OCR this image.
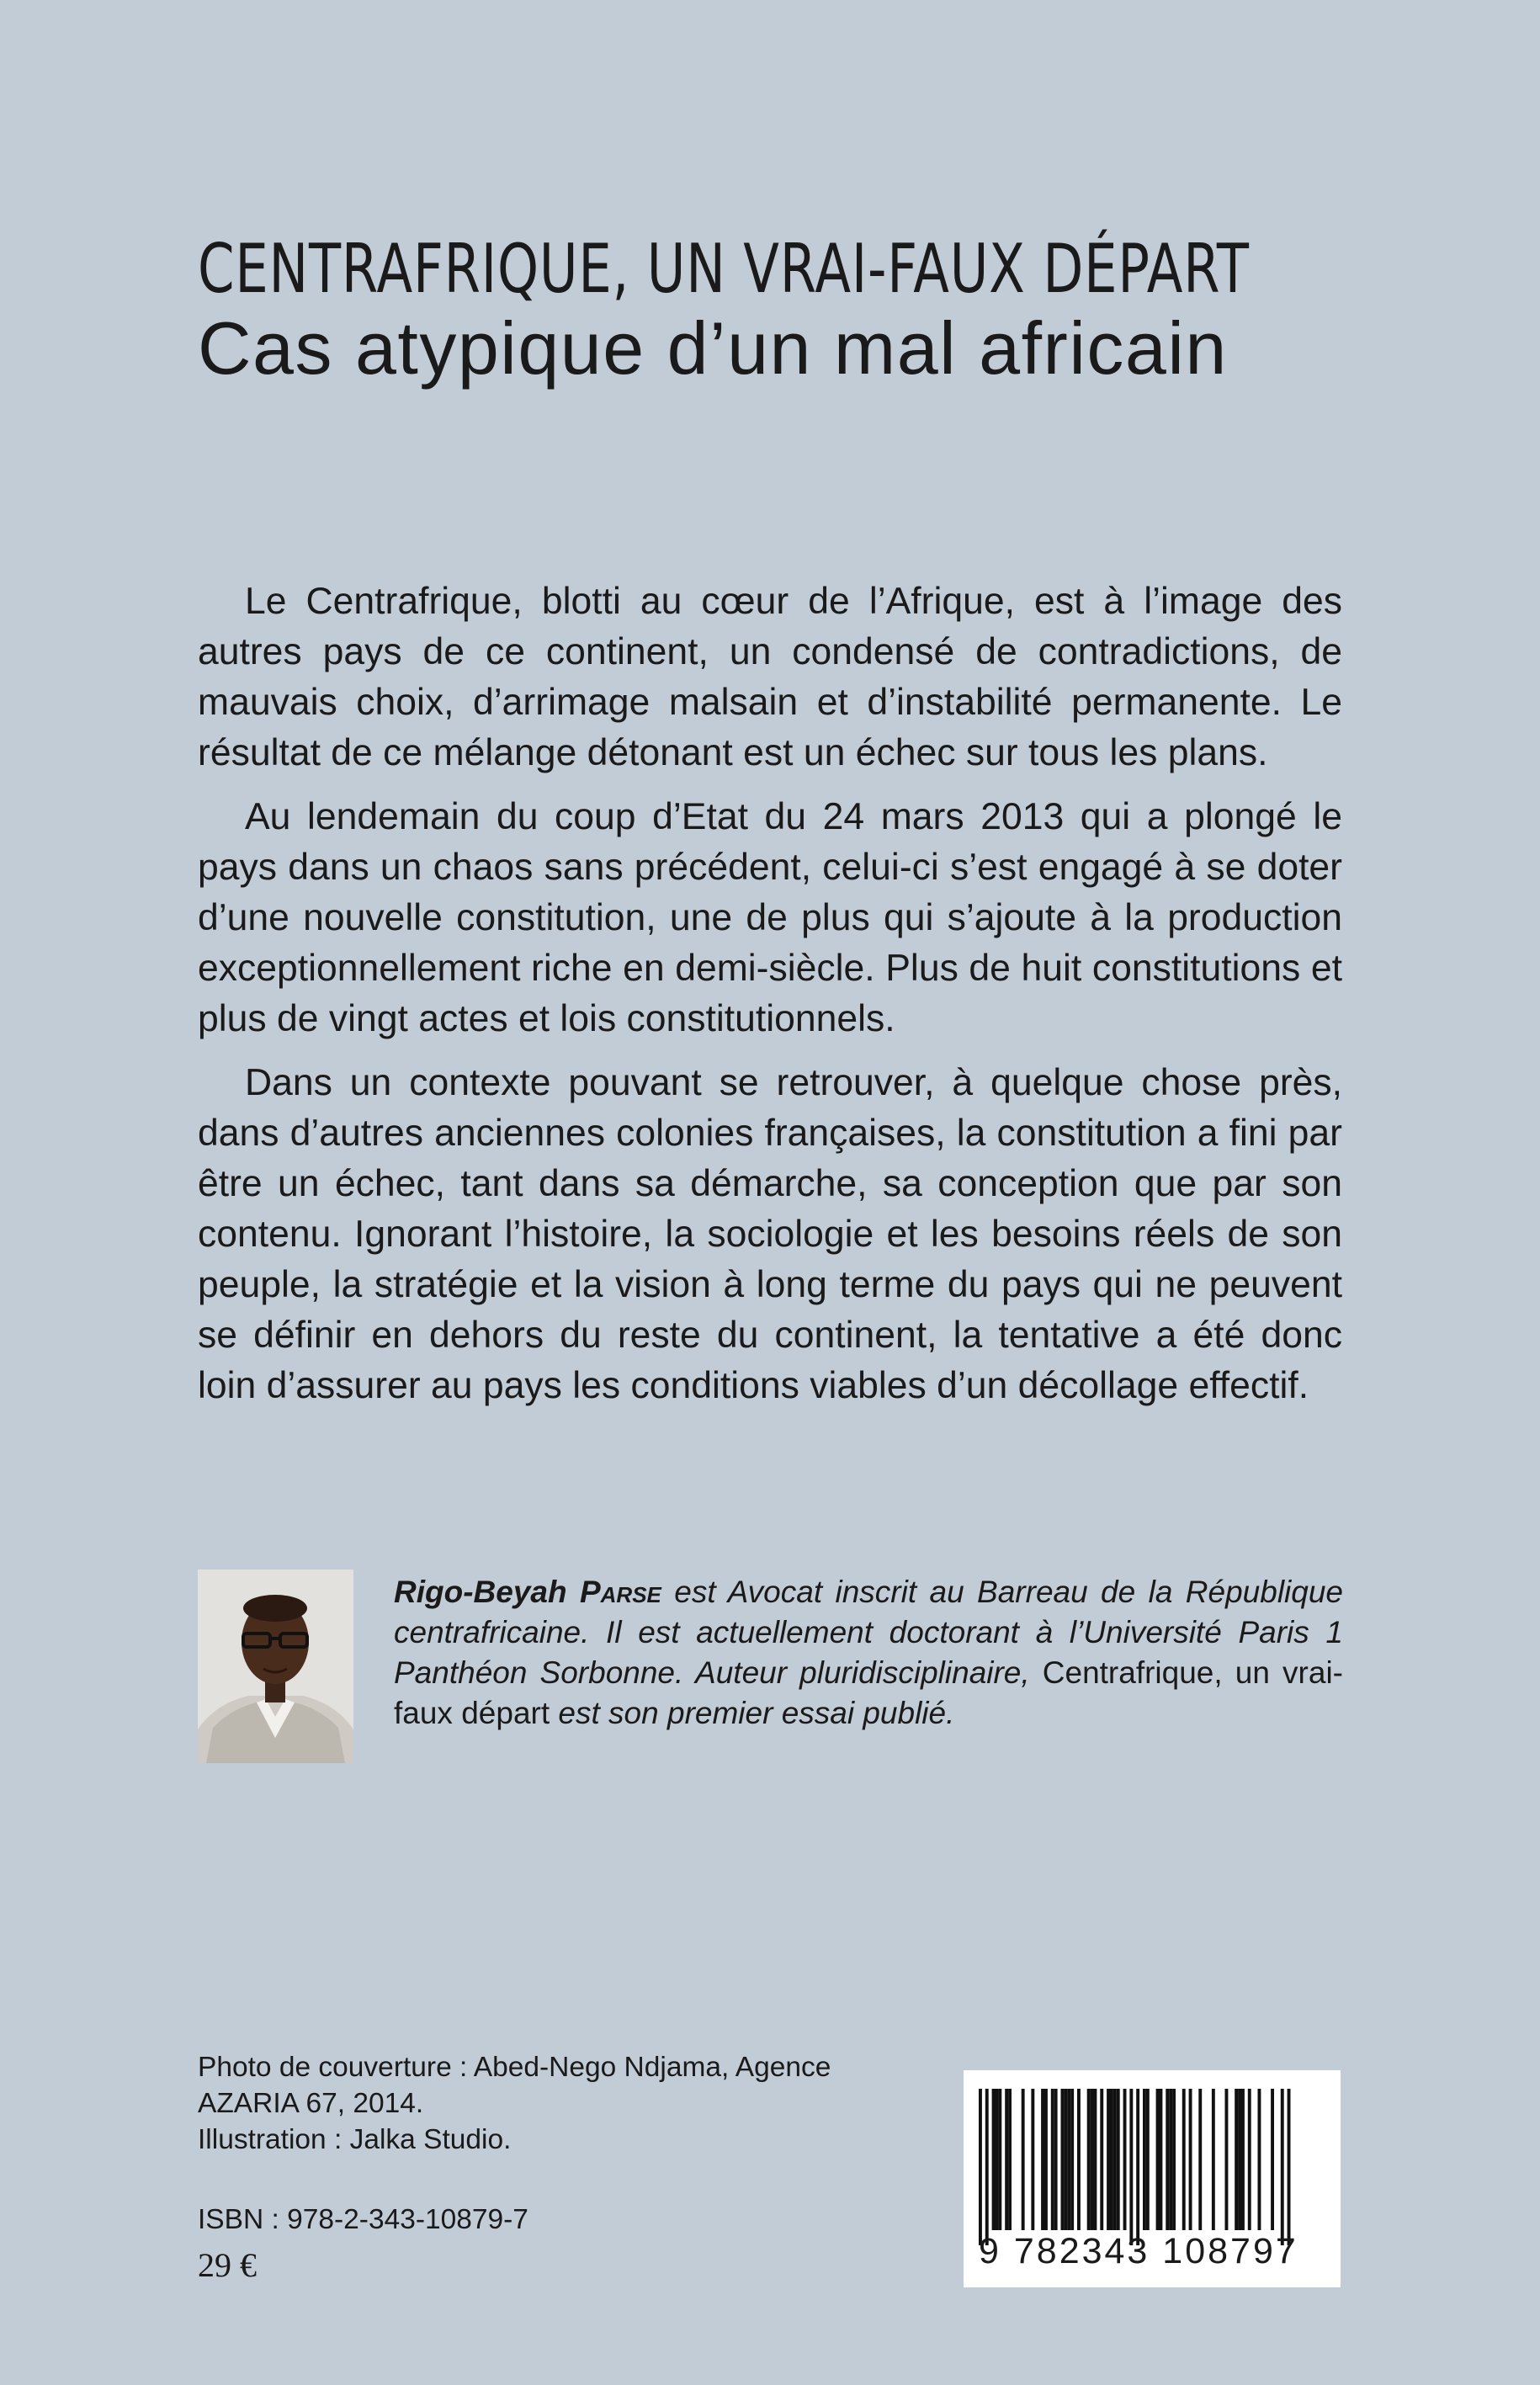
CENTRAFRIQUE, UN VRAI-FAUX DÉPART
Cas atypique d’un mal africain

Le Centrafrique, blotti au cœur de l’Afrique, est à l’image des autres pays de ce continent, un condensé de contradictions, de mauvais choix, d’arrimage malsain et d’instabilité permanente. Le résultat de ce mélange détonant est un échec sur tous les plans.

Au lendemain du coup d’Etat du 24 mars 2013 qui a plongé le pays dans un chaos sans précédent, celui-ci s’est engagé à se doter d’une nouvelle constitution, une de plus qui s’ajoute à la production exceptionnellement riche en demi-siècle. Plus de huit constitutions et plus de vingt actes et lois constitutionnels.

Dans un contexte pouvant se retrouver, à quelque chose près, dans d’autres anciennes colonies françaises, la constitution a fini par être un échec, tant dans sa démarche, sa conception que par son contenu. Ignorant l’histoire, la sociologie et les besoins réels de son peuple, la stratégie et la vision à long terme du pays qui ne peuvent se définir en dehors du reste du continent, la tentative a été donc loin d’assurer au pays les conditions viables d’un décollage effectif.

Rigo-Beyah Parse est Avocat inscrit au Barreau de la République centrafricaine. Il est actuellement doctorant à l’Université Paris 1 Panthéon Sorbonne. Auteur pluridisciplinaire, Centrafrique, un vrai-faux départ est son premier essai publié.
Photo de couverture : Abed-Nego Ndjama, Agence
AZARIA 67, 2014.
Illustration : Jalka Studio.
ISBN : 978-2-343-10879-7
29 €	9 782343 108797
